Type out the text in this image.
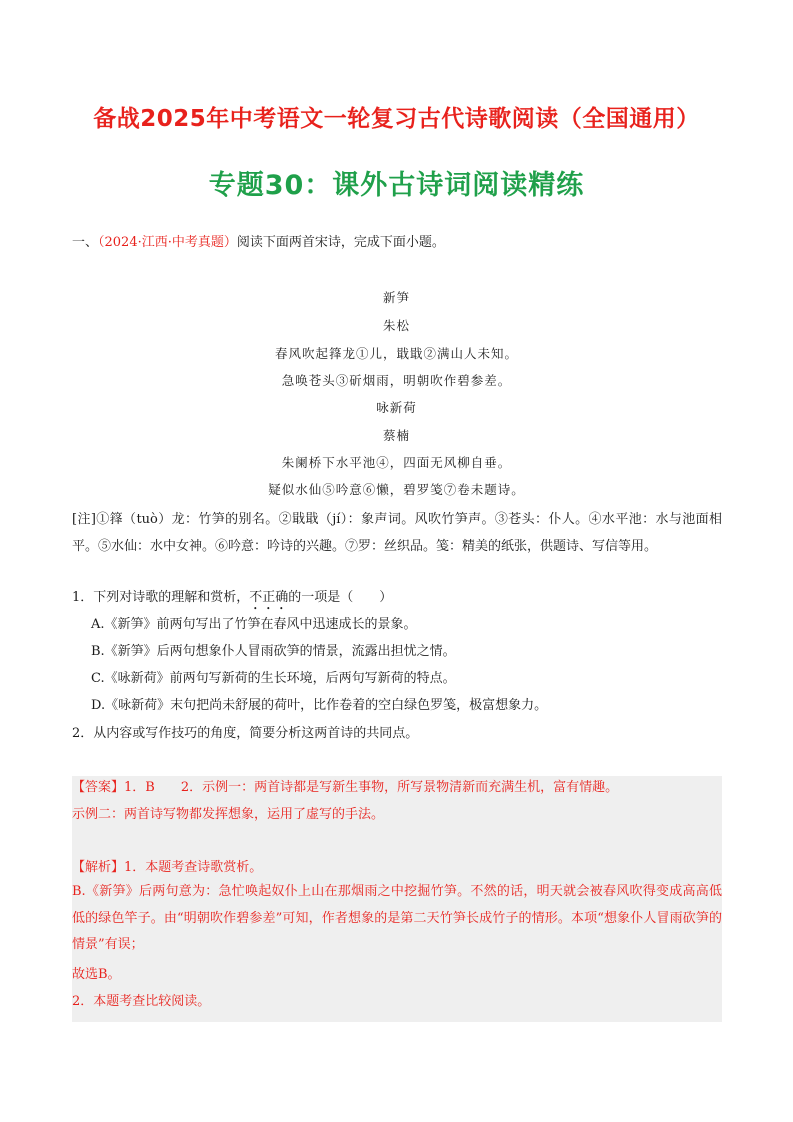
备战2025年中考语文一轮复习古代诗歌阅读（全国通用）
专题30：课外古诗词阅读精练
一、（2024·江西·中考真题）阅读下面两首宋诗，完成下面小题。
新笋
朱松
春风吹起箨龙①儿，戢戢②满山人未知。
急唤苍头③斫烟雨，明朝吹作碧参差。
咏新荷
蔡楠
朱阑桥下水平池④，四面无风柳自垂。
疑似水仙⑤吟意⑥懒，碧罗笺⑦卷未题诗。
[注]①箨（tuò）龙：竹笋的别名。②戢戢（jí）：象声词。风吹竹笋声。③苍头：仆人。④水平池：水与池面相平。⑤水仙：水中女神。⑥吟意：吟诗的兴趣。⑦罗：丝织品。笺：精美的纸张，供题诗、写信等用。
1．下列对诗歌的理解和赏析，不正确的一项是（　　）
A.《新笋》前两句写出了竹笋在春风中迅速成长的景象。
B.《新笋》后两句想象仆人冒雨砍笋的情景，流露出担忧之情。
C.《咏新荷》前两句写新荷的生长环境，后两句写新荷的特点。
D.《咏新荷》末句把尚未舒展的荷叶，比作卷着的空白绿色罗笺，极富想象力。
2．从内容或写作技巧的角度，简要分析这两首诗的共同点。
【答案】1．B　　2．示例一：两首诗都是写新生事物，所写景物清新而充满生机，富有情趣。
示例二：两首诗写物都发挥想象，运用了虚写的手法。
【解析】1．本题考查诗歌赏析。
B.《新笋》后两句意为：急忙唤起奴仆上山在那烟雨之中挖掘竹笋。不然的话，明天就会被春风吹得变成高高低低的绿色竿子。由“明朝吹作碧参差”可知，作者想象的是第二天竹笋长成竹子的情形。本项“想象仆人冒雨砍笋的情景”有误；
故选B。
2．本题考查比较阅读。
